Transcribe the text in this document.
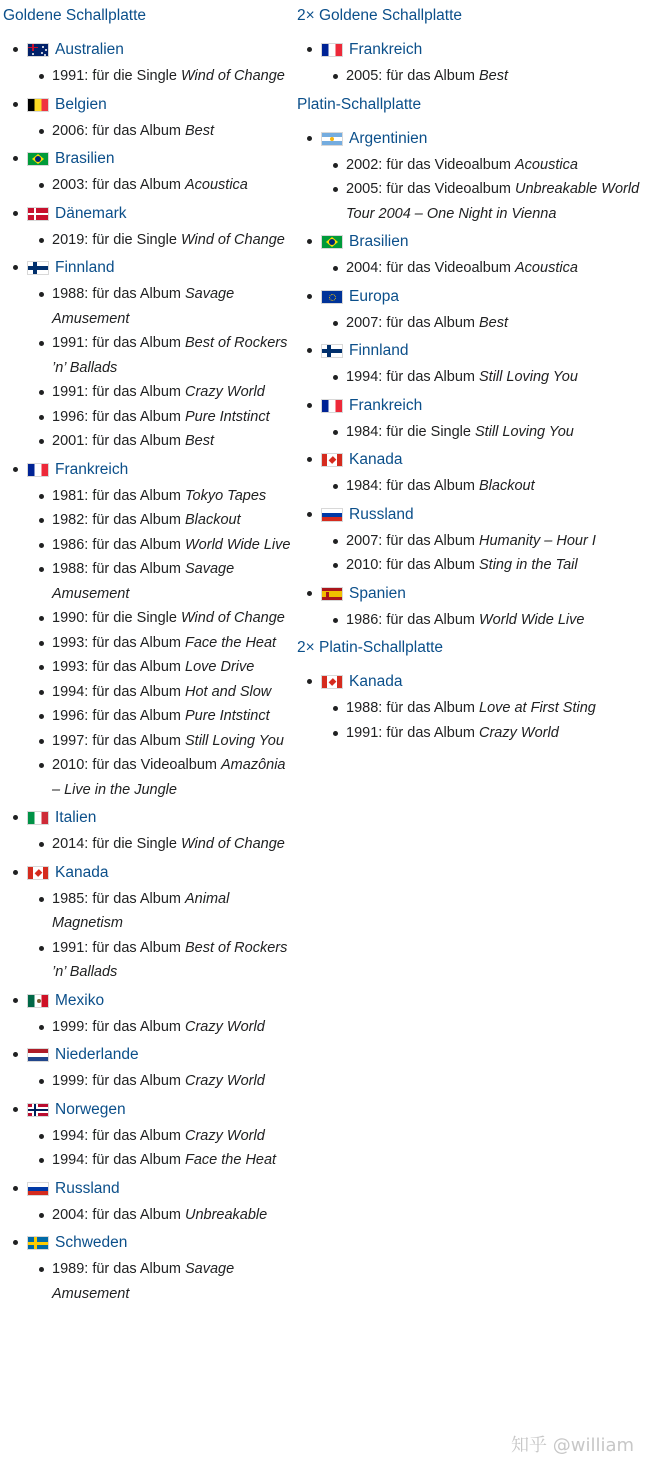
Goldene Schallplatte
Australien
1991: für die Single Wind of Change
Belgien
2006: für das Album Best
Brasilien
2003: für das Album Acoustica
Dänemark
2019: für die Single Wind of Change
Finnland
1988: für das Album Savage Amusement
1991: für das Album Best of Rockers ’n’ Ballads
1991: für das Album Crazy World
1996: für das Album Pure Intstinct
2001: für das Album Best
Frankreich
1981: für das Album Tokyo Tapes
1982: für das Album Blackout
1986: für das Album World Wide Live
1988: für das Album Savage Amusement
1990: für die Single Wind of Change
1993: für das Album Face the Heat
1993: für das Album Love Drive
1994: für das Album Hot and Slow
1996: für das Album Pure Intstinct
1997: für das Album Still Loving You
2010: für das Videoalbum Amazônia – Live in the Jungle
Italien
2014: für die Single Wind of Change
Kanada
1985: für das Album Animal Magnetism
1991: für das Album Best of Rockers ’n’ Ballads
Mexiko
1999: für das Album Crazy World
Niederlande
1999: für das Album Crazy World
Norwegen
1994: für das Album Crazy World
1994: für das Album Face the Heat
Russland
2004: für das Album Unbreakable
Schweden
1989: für das Album Savage Amusement
2× Goldene Schallplatte
Frankreich
2005: für das Album Best
Platin-Schallplatte
Argentinien
2002: für das Videoalbum Acoustica
2005: für das Videoalbum Unbreakable World Tour 2004 – One Night in Vienna
Brasilien
2004: für das Videoalbum Acoustica
Europa
2007: für das Album Best
Finnland
1994: für das Album Still Loving You
Frankreich
1984: für die Single Still Loving You
Kanada
1984: für das Album Blackout
Russland
2007: für das Album Humanity – Hour I
2010: für das Album Sting in the Tail
Spanien
1986: für das Album World Wide Live
2× Platin-Schallplatte
Kanada
1988: für das Album Love at First Sting
1991: für das Album Crazy World
知乎 @william
